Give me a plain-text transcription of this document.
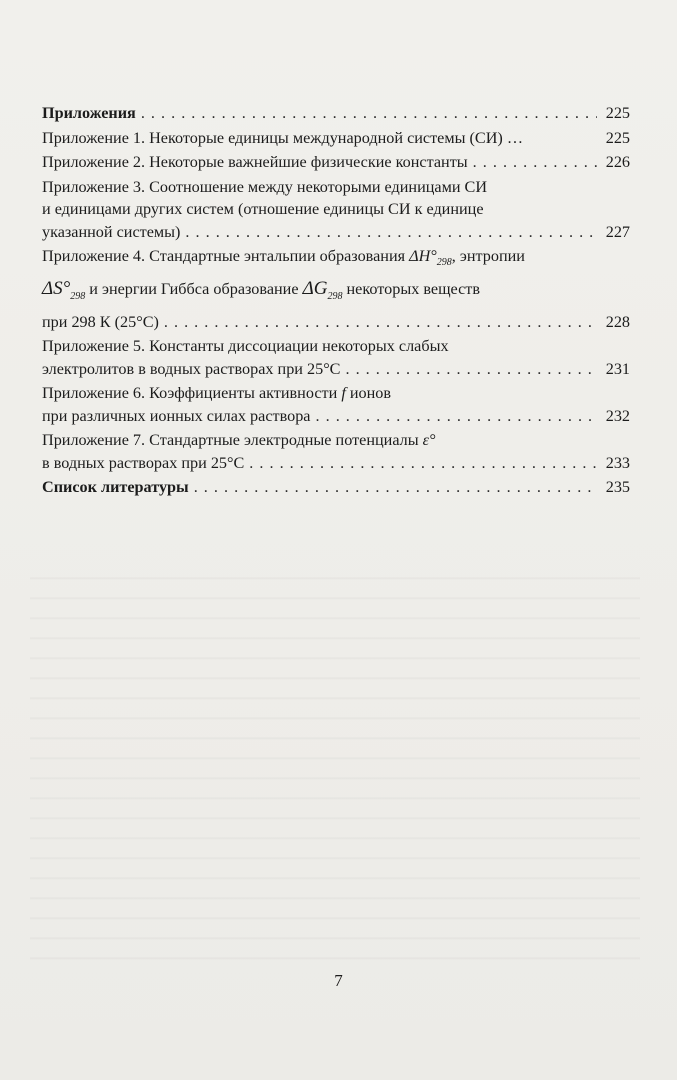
Приложения . . .	225
Приложение 1. Некоторые единицы международной системы (СИ) …	225
Приложение 2. Некоторые важнейшие физические константы . . .	226
Приложение 3. Соотношение между некоторыми единицами СИ
и единицами других систем (отношение единицы СИ к единице
указанной системы) . . .	227
Приложение 4. Стандартные энтальпии образования $\Delta H^\circ_{298}$, энтропии
$\Delta S^\circ_{298}$ и энергии Гиббса образование $\Delta G_{298}$ некоторых веществ
при 298 К (25°С) . . .	228
Приложение 5. Константы диссоциации некоторых слабых
электролитов в водных растворах при 25°С . . .	231
Приложение 6. Коэффициенты активности f ионов
при различных ионных силах раствора . . .	232
Приложение 7. Стандартные электродные потенциалы ε°
в водных растворах при 25°С . . .	233
Список литературы . . .	235
7
